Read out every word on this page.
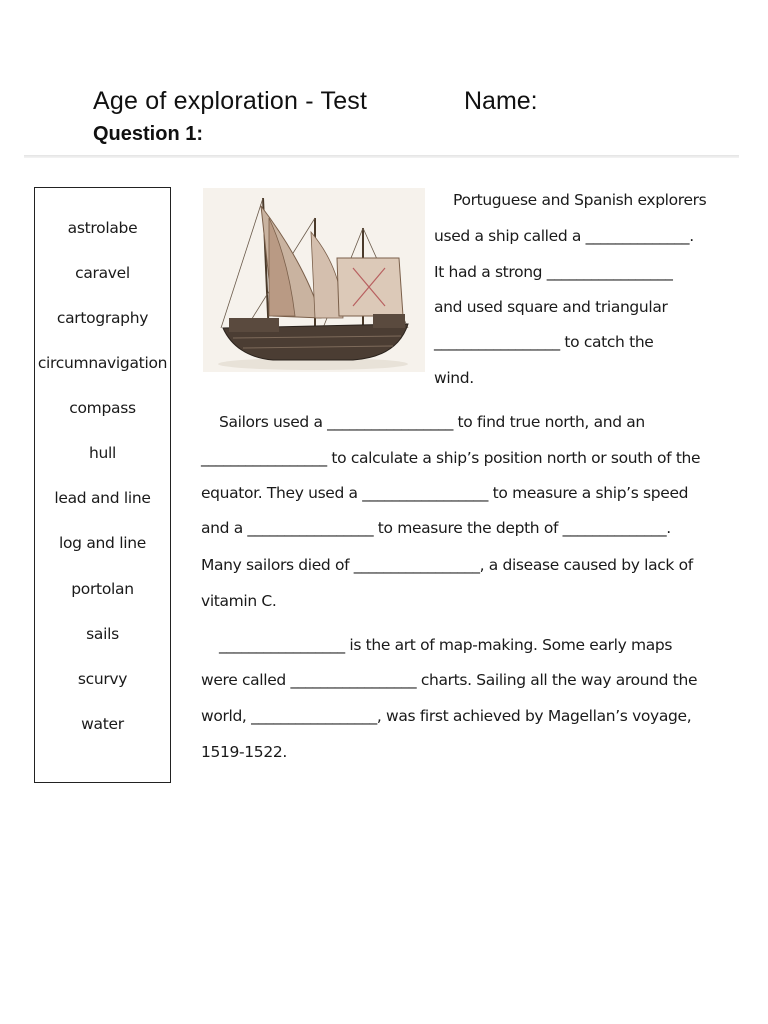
Age of exploration - Test	Name:
Question 1:
astrolabe
caravel
cartography
circumnavigation
compass
hull
lead and line
log and line
portolan
sails
scurvy
water
Portuguese and Spanish explorers
used a ship called a ______________.
It had a strong _________________
and used square and triangular
_________________ to catch the
wind.
Sailors used a _________________ to find true north, and an
_________________ to calculate a ship’s position north or south of the
equator. They used a _________________ to measure a ship’s speed
and a _________________ to measure the depth of ______________.
Many sailors died of _________________, a disease caused by lack of
vitamin C.
_________________ is the art of map-making. Some early maps
were called _________________ charts. Sailing all the way around the
world, _________________, was first achieved by Magellan’s voyage,
1519-1522.
